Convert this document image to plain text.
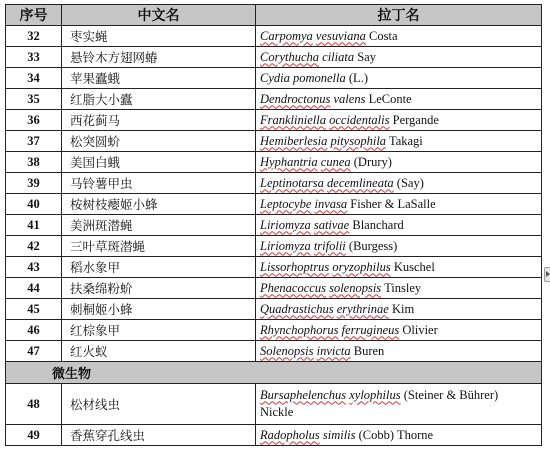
序号	中文名	拉丁名
32	枣实蝇	Carpomya vesuviana Costa
33	悬铃木方翅网蝽	Corythucha ciliata Say
34	苹果蠹蛾	Cydia pomonella (L.)
35	红脂大小蠹	Dendroctonus valens LeConte
36	西花蓟马	Frankliniella occidentalis Pergande
37	松突圆蚧	Hemiberlesia pitysophila Takagi
38	美国白蛾	Hyphantria cunea (Drury)
39	马铃薯甲虫	Leptinotarsa decemlineata (Say)
40	桉树枝瘿姬小蜂	Leptocybe invasa Fisher & LaSalle
41	美洲斑潜蝇	Liriomyza sativae Blanchard
42	三叶草斑潜蝇	Liriomyza trifolii (Burgess)
43	稻水象甲	Lissorhoptrus oryzophilus Kuschel
44	扶桑绵粉蚧	Phenacoccus solenopsis Tinsley
45	刺桐姬小蜂	Quadrastichus erythrinae Kim
46	红棕象甲	Rhynchophorus ferrugineus Olivier
47	红火蚁	Solenopsis invicta Buren
微生物		
48	松材线虫	Bursaphelenchus xylophilus (Steiner & Bührer)
Nickle

49	香蕉穿孔线虫	Radopholus similis (Cobb) Thorne
